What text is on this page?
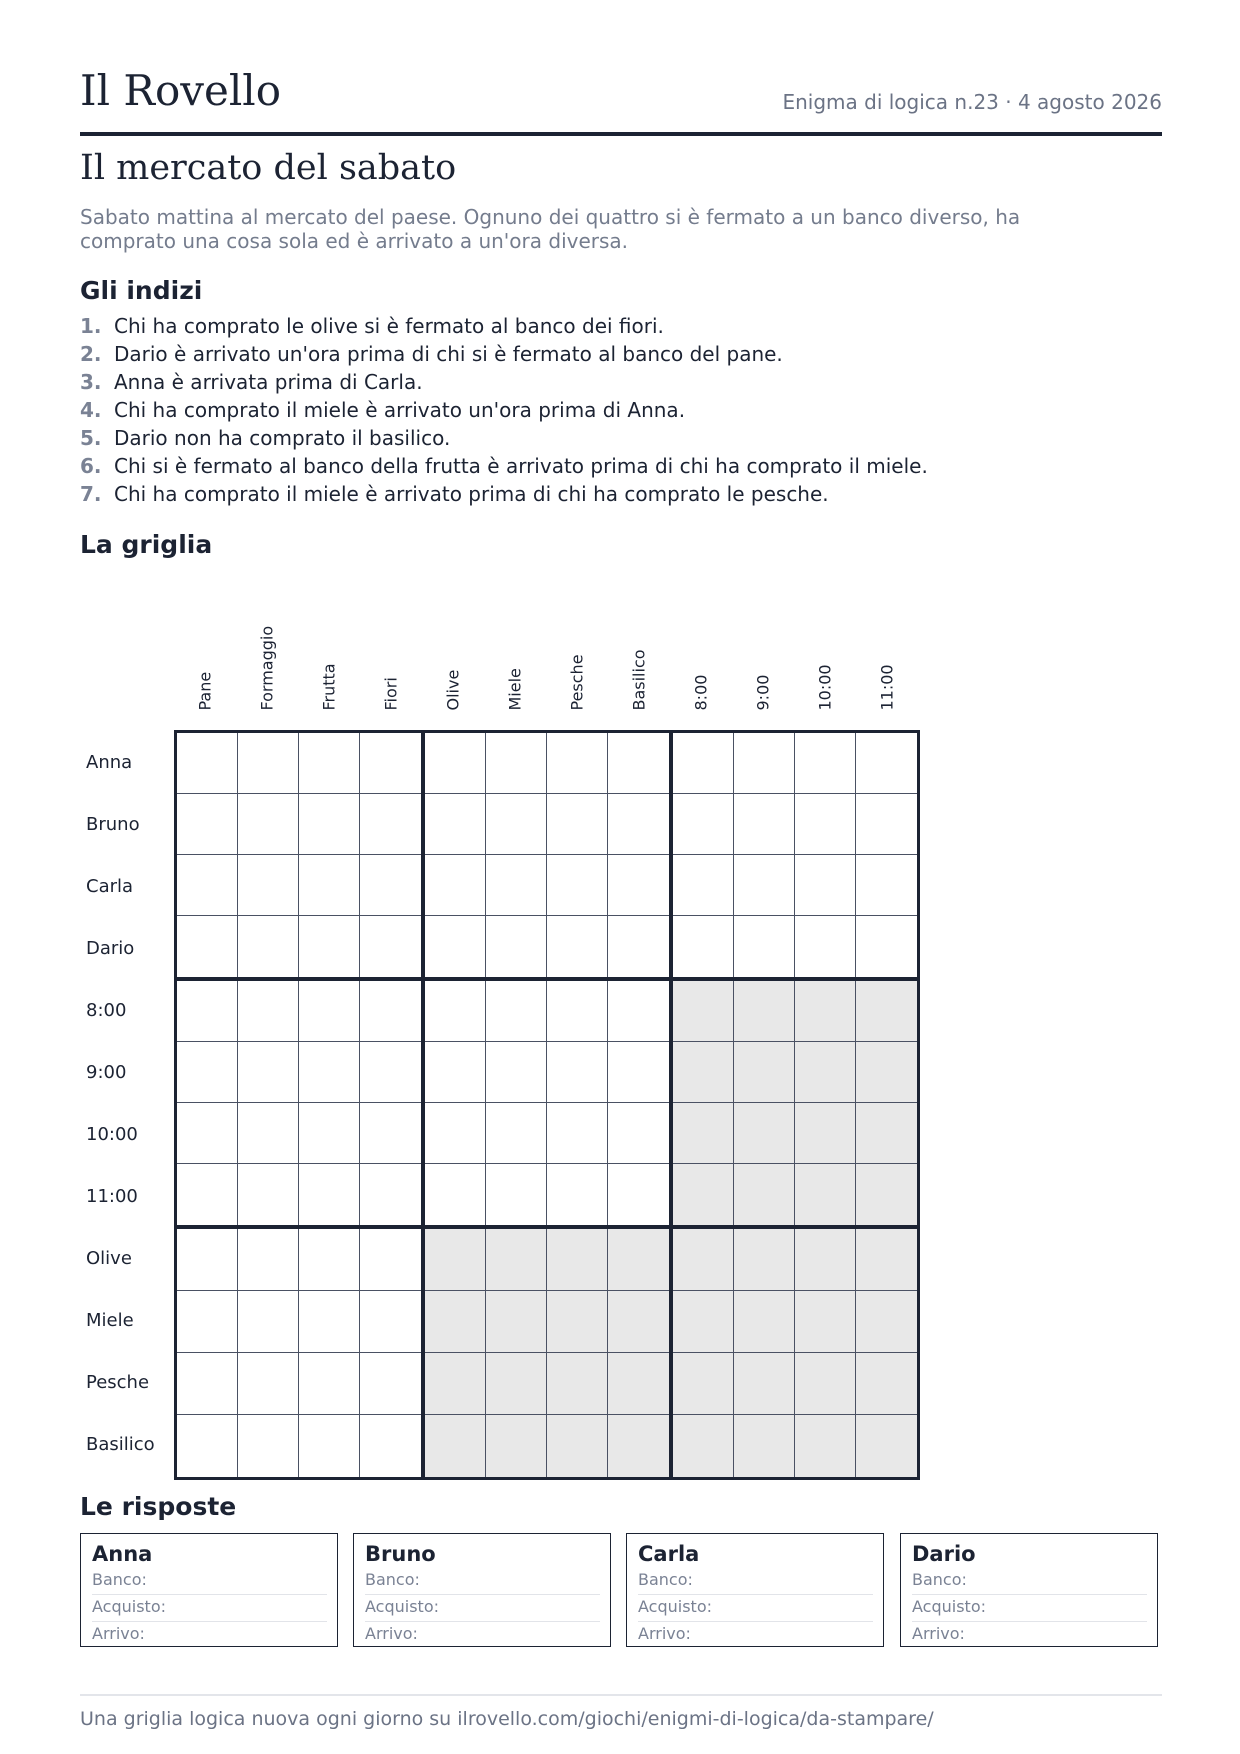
Il Rovello	Enigma di logica n.23 · 4 agosto 2026
Il mercato del sabato
Sabato mattina al mercato del paese. Ognuno dei quattro si è fermato a un banco diverso, ha comprato una cosa sola ed è arrivato a un'ora diversa.
Gli indizi
1. Chi ha comprato le olive si è fermato al banco dei fiori.
2. Dario è arrivato un'ora prima di chi si è fermato al banco del pane.
3. Anna è arrivata prima di Carla.
4. Chi ha comprato il miele è arrivato un'ora prima di Anna.
5. Dario non ha comprato il basilico.
6. Chi si è fermato al banco della frutta è arrivato prima di chi ha comprato il miele.
7. Chi ha comprato il miele è arrivato prima di chi ha comprato le pesche.
La griglia
Pane	Formaggio	Frutta	Fiori	Olive	Miele	Pesche	Basilico	8:00	9:00	10:00	11:00
Anna
Bruno
Carla
Dario
8:00
9:00
10:00
11:00
Olive
Miele
Pesche
Basilico
Le risposte
Anna
Banco:
Acquisto:
Arrivo:
Bruno
Banco:
Acquisto:
Arrivo:
Carla
Banco:
Acquisto:
Arrivo:
Dario
Banco:
Acquisto:
Arrivo:
Una griglia logica nuova ogni giorno su ilrovello.com/giochi/enigmi-di-logica/da-stampare/
